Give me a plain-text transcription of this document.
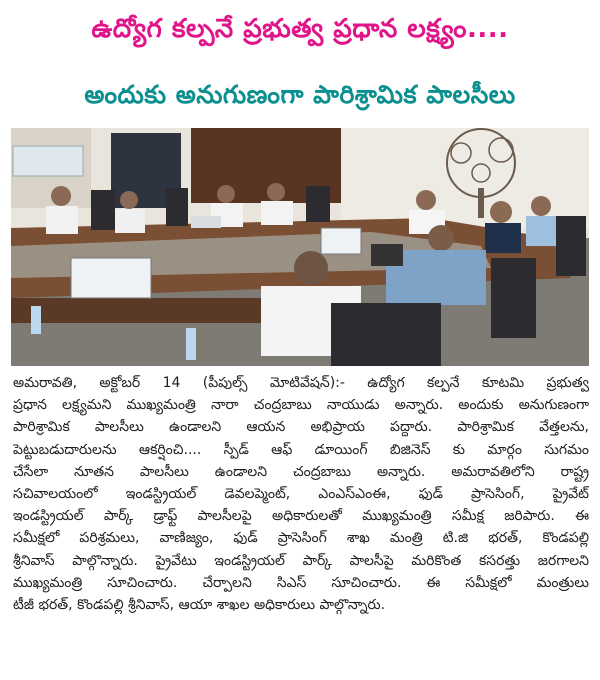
ఉద్యోగ కల్పనే ప్రభుత్వ ప్రధాన లక్ష్యం....
అందుకు అనుగుణంగా పారిశ్రామిక పాలసీలు
అమరావతి, అక్టోబర్ 14 (పీపుల్స్ మోటివేషన్):- ఉద్యోగ కల్పనే కూటమి ప్రభుత్వ
ప్రధాన లక్ష్యమని ముఖ్యమంత్రి నారా చంద్రబాబు నాయుడు అన్నారు. అందుకు అనుగుణంగా
పారిశ్రామిక పాలసీలు ఉండాలని ఆయన అభిప్రాయ పద్దారు. పారిశ్రామిక వేత్తలను,
పెట్టుబడుదారులను ఆకర్షించి.... స్పీడ్ ఆఫ్ డూయింగ్ బిజినెస్ కు మార్గం సుగమం
చేసేలా నూతన పాలసీలు ఉండాలని చంద్రబాబు అన్నారు. అమరావతిలోని రాష్ట్ర
సచివాలయంలో ఇండస్ట్రియల్ డెవలప్మెంట్, ఎంఎస్ఎంఈ, ఫుడ్ ప్రాసెసింగ్, ప్రైవేట్
ఇండస్ట్రియల్ పార్క్ డ్రాఫ్ట్ పాలసీలపై అధికారులతో ముఖ్యమంత్రి సమీక్ష జరిపారు. ఈ
సమీక్షలో పరిశ్రమలు, వాణిజ్యం, ఫుడ్ ప్రాసెసింగ్ శాఖ మంత్రి టి.జి భరత్, కొండపల్లి
శ్రీనివాస్ పాల్గొన్నారు. ప్రైవేటు ఇండస్ట్రియల్ పార్క్ పాలసీపై మరికొంత కసరత్తు జరగాలని
ముఖ్యమంత్రి సూచించారు. చేర్పాలని సిఎస్ సూచించారు. ఈ సమీక్షలో మంత్రులు
టీజీ భరత్, కొండపల్లి శ్రీనివాస్, ఆయా శాఖల అధికారులు పాల్గొన్నారు.
